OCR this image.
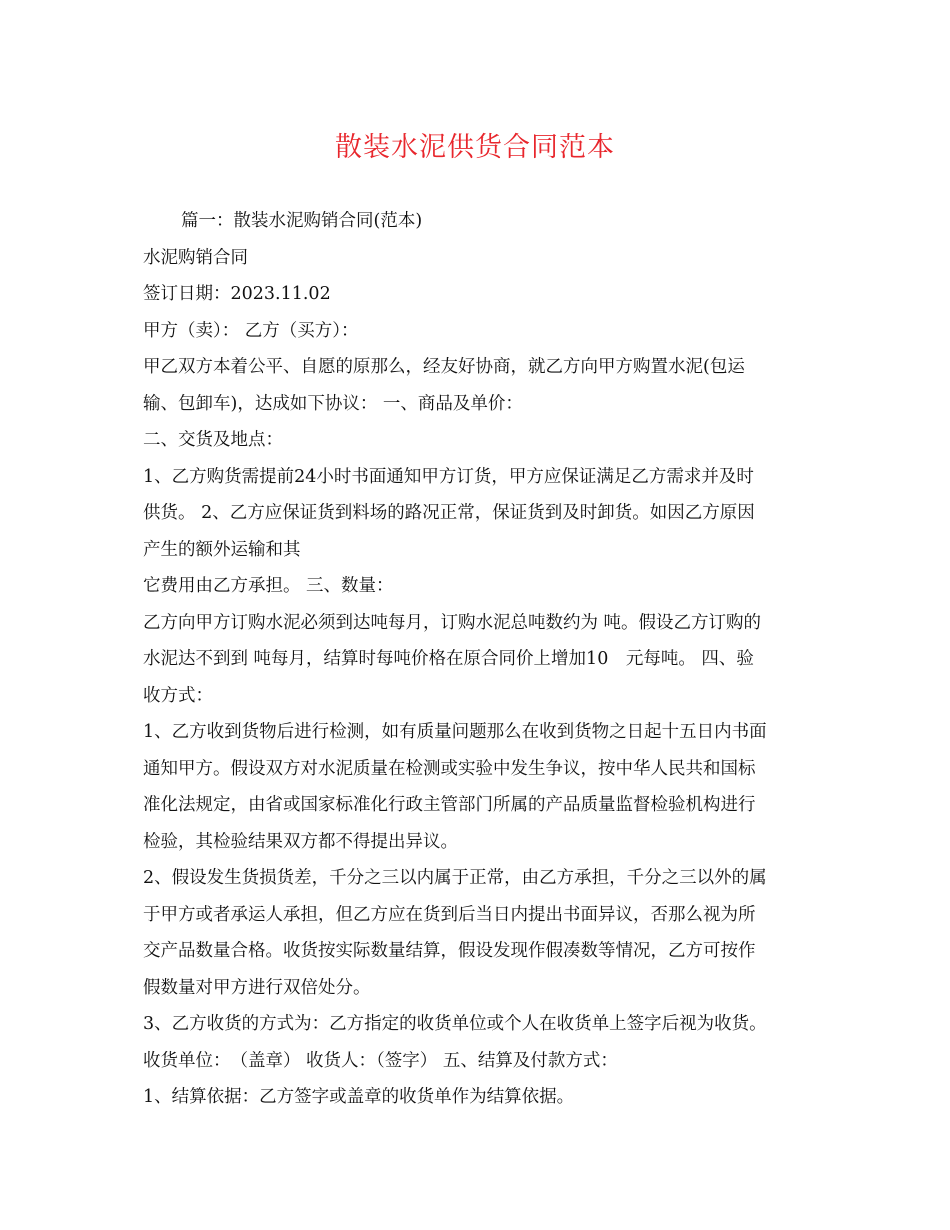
散装水泥供货合同范本

篇一：散装水泥购销合同(范本)

水泥购销合同

签订日期：2023.11.02

甲方（卖）： 乙方（买方）：

甲乙双方本着公平、自愿的原那么，经友好协商，就乙方向甲方购置水泥(包运

输、包卸车)，达成如下协议： 一、商品及单价：

二、交货及地点：

1、乙方购货需提前24小时书面通知甲方订货，甲方应保证满足乙方需求并及时

供货。 2、乙方应保证货到料场的路况正常，保证货到及时卸货。如因乙方原因

产生的额外运输和其

它费用由乙方承担。 三、数量：

乙方向甲方订购水泥必须到达吨每月，订购水泥总吨数约为 吨。假设乙方订购的

水泥达不到到 吨每月，结算时每吨价格在原合同价上增加10　元每吨。 四、验

收方式：

1、乙方收到货物后进行检测，如有质量问题那么在收到货物之日起十五日内书面

通知甲方。假设双方对水泥质量在检测或实验中发生争议，按中华人民共和国标

准化法规定，由省或国家标准化行政主管部门所属的产品质量监督检验机构进行

检验，其检验结果双方都不得提出异议。

2、假设发生货损货差，千分之三以内属于正常，由乙方承担，千分之三以外的属

于甲方或者承运人承担，但乙方应在货到后当日内提出书面异议，否那么视为所

交产品数量合格。收货按实际数量结算，假设发现作假凑数等情况，乙方可按作

假数量对甲方进行双倍处分。

3、乙方收货的方式为：乙方指定的收货单位或个人在收货单上签字后视为收货。

收货单位：　（盖章） 收货人：（签字） 五、结算及付款方式：

1、结算依据：乙方签字或盖章的收货单作为结算依据。
